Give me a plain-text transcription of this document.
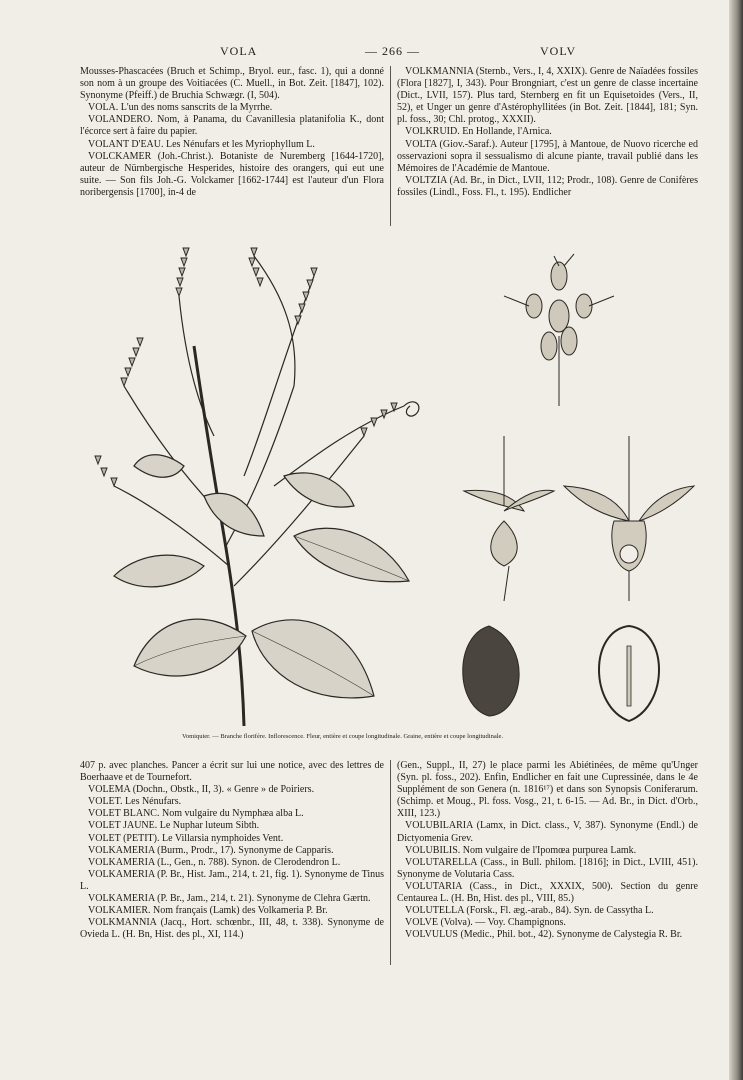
VOLA	— 266 —	VOLV

Mousses-Phascacées (Bruch et Schimp., Bryol. eur., fasc. 1), qui a donné son nom à un groupe des Voitiacées (C. Muell., in Bot. Zeit. [1847], 102). Synonyme (Pfeiff.) de Bruchia Schwægr. (I, 504).

VOLA. L'un des noms sanscrits de la Myrrhe.

VOLANDERO. Nom, à Panama, du Cavanillesia platanifolia K., dont l'écorce sert à faire du papier.

VOLANT D'EAU. Les Nénufars et les Myriophyllum L.

VOLCKAMER (Joh.-Christ.). Botaniste de Nuremberg [1644-1720], auteur de Nürnbergische Hesperides, histoire des orangers, qui eut une suite. — Son fils Joh.-G. Volckamer [1662-1744] est l'auteur d'un Flora noribergensis [1700], in-4 de

VOLKMANNIA (Sternb., Vers., I, 4, XXIX). Genre de Naïadées fossiles (Flora [1827], I, 343). Pour Brongniart, c'est un genre de classe incertaine (Dict., LVII, 157). Plus tard, Sternberg en fit un Equisetoides (Vers., II, 52), et Unger un genre d'Astérophyllitées (in Bot. Zeit. [1844], 181; Syn. pl. foss., 30; Chl. protog., XXXII).

VOLKRUID. En Hollande, l'Arnica.

VOLTA (Giov.-Saraf.). Auteur [1795], à Mantoue, de Nuovo ricerche ed osservazioni sopra il sessualismo di alcune piante, travail publié dans les Mémoires de l'Académie de Mantoue.

VOLTZIA (Ad. Br., in Dict., LVII, 112; Prodr., 108). Genre de Conifères fossiles (Lindl., Foss. Fl., t. 195). Endlicher

Vomiquier. — Branche florifère. Inflorescence. Fleur, entière et coupe longitudinale. Graine, entière et coupe longitudinale.

407 p. avec planches. Pancer a écrit sur lui une notice, avec des lettres de Boerhaave et de Tournefort.

VOLEMA (Dochn., Obstk., II, 3). « Genre » de Poiriers.

VOLET. Les Nénufars.

VOLET BLANC. Nom vulgaire du Nymphæa alba L.

VOLET JAUNE. Le Nuphar luteum Sibth.

VOLET (PETIT). Le Villarsia nymphoides Vent.

VOLKAMERIA (Burm., Prodr., 17). Synonyme de Capparis.

VOLKAMERIA (L., Gen., n. 788). Synon. de Clerodendron L.

VOLKAMERIA (P. Br., Hist. Jam., 214, t. 21, fig. 1). Synonyme de Tinus L.

VOLKAMERIA (P. Br., Jam., 214, t. 21). Synonyme de Clehra Gærtn.

VOLKAMIER. Nom français (Lamk) des Volkameria P. Br.

VOLKMANNIA (Jacq., Hort. schœnbr., III, 48, t. 338). Synonyme de Oviedа L. (H. Bn, Hist. des pl., XI, 114.)

(Gen., Suppl., II, 27) le place parmi les Abiétinées, de même qu'Unger (Syn. pl. foss., 202). Enfin, Endlicher en fait une Cupressinée, dans le 4e Supplément de son Genera (n. 1816¹⁷) et dans son Synopsis Coniferarum. (Schimp. et Moug., Pl. foss. Vosg., 21, t. 6-15. — Ad. Br., in Dict. d'Orb., XIII, 123.)

VOLUBILARIA (Lamx, in Dict. class., V, 387). Synonyme (Endl.) de Dictyomenia Grev.

VOLUBILIS. Nom vulgaire de l'Ipomœa purpurea Lamk.

VOLUTARELLA (Cass., in Bull. philom. [1816]; in Dict., LVIII, 451). Synonyme de Volutaria Cass.

VOLUTARIA (Cass., in Dict., XXXIX, 500). Section du genre Centaurea L. (H. Bn, Hist. des pl., VIII, 85.)

VOLUTELLA (Forsk., Fl. æg.-arab., 84). Syn. de Cassytha L.

VOLVE (Volva). — Voy. Champignons.

VOLVULUS (Medic., Phil. bot., 42). Synonyme de Calystegia R. Br.
